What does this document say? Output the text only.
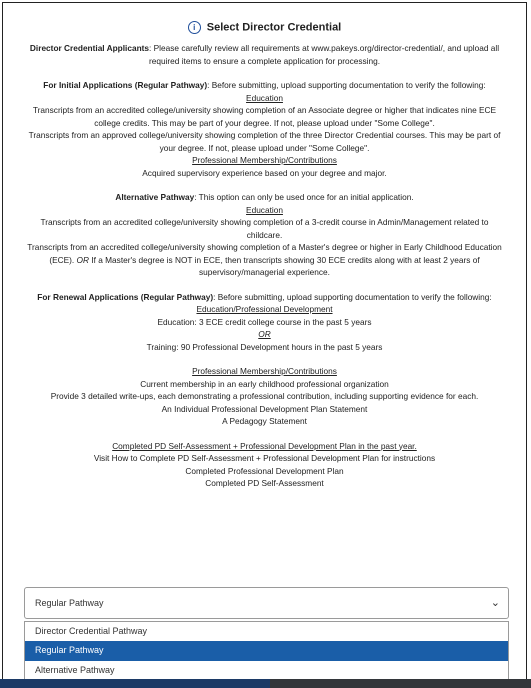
i Select Director Credential

Director Credential Applicants: Please carefully review all requirements at www.pakeys.org/director-credential/, and upload all required items to ensure a complete application for processing.

For Initial Applications (Regular Pathway): Before submitting, upload supporting documentation to verify the following:

Education

Transcripts from an accredited college/university showing completion of an Associate degree or higher that indicates nine ECE college credits. This may be part of your degree. If not, please upload under "Some College".

Transcripts from an approved college/university showing completion of the three Director Credential courses. This may be part of your degree. If not, please upload under "Some College".

Professional Membership/Contributions

Acquired supervisory experience based on your degree and major.

Alternative Pathway: This option can only be used once for an initial application.

Education

Transcripts from an accredited college/university showing completion of a 3-credit course in Admin/Management related to childcare.

Transcripts from an accredited college/university showing completion of a Master's degree or higher in Early Childhood Education (ECE). OR If a Master's degree is NOT in ECE, then transcripts showing 30 ECE credits along with at least 2 years of supervisory/managerial experience.

For Renewal Applications (Regular Pathway): Before submitting, upload supporting documentation to verify the following:

Education/Professional Development

Education: 3 ECE credit college course in the past 5 years

OR

Training: 90 Professional Development hours in the past 5 years

Professional Membership/Contributions

Current membership in an early childhood professional organization

Provide 3 detailed write-ups, each demonstrating a professional contribution, including supporting evidence for each.

An Individual Professional Development Plan Statement

A Pedagogy Statement

Completed PD Self-Assessment + Professional Development Plan in the past year.

Visit How to Complete PD Self-Assessment + Professional Development Plan for instructions

Completed Professional Development Plan

Completed PD Self-Assessment

Regular Pathway	⌄
Director Credential Pathway
Regular Pathway
Alternative Pathway
